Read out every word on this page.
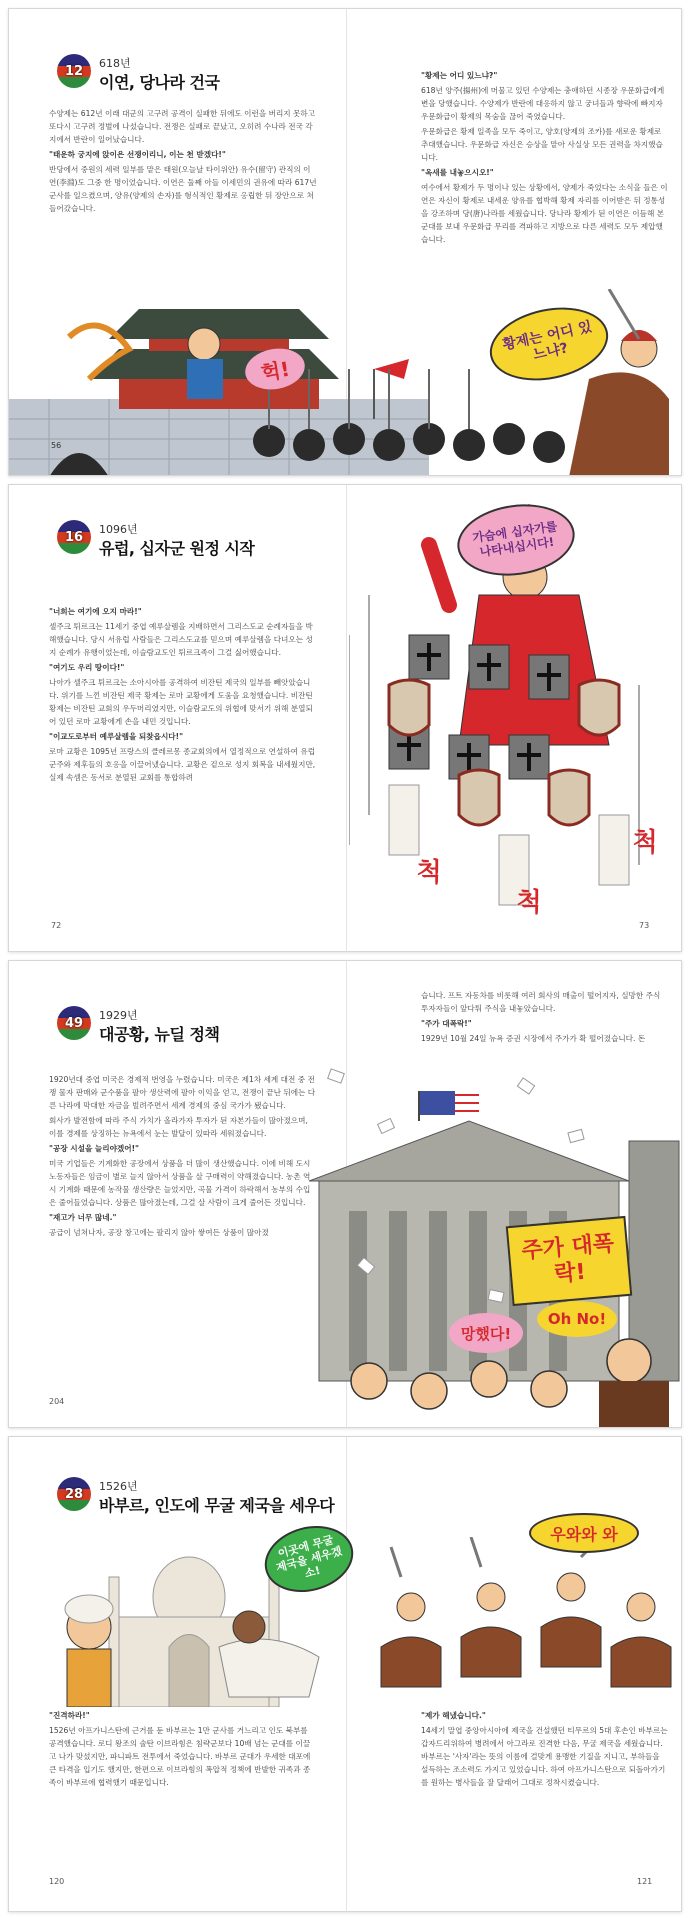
12	618년
이연, 당나라 건국

수양제는 612년 이래 대군의 고구려 공격이 실패한 뒤에도 이런을 버리지 못하고 또다시 고구려 정벌에 나섰습니다. 전쟁은 실패로 끝났고, 오히려 수나라 전국 각지에서 반란이 일어났습니다.

"태운하 궁지에 앉이은 선쟁이리니, 이는 천 받겠다!"

반당에서 중원의 세력 일부를 맡은 태원(오늘날 타이위안) 유수(留守) 관직의 이연(李淵)도 그중 한 명이었습니다. 이연은 둘째 아들 이세민의 권유에 따라 617년 군사를 일으켰으며, 양유(양제의 손자)를 형식적인 황제로 옹립한 뒤 장안으로 쳐들어갔습니다.

"황제는 어디 있느냐?"

618년 양주(揚州)에 머물고 있던 수양제는 충애하던 시종장 우문화급에게 변을 당했습니다. 수양제가 반란에 대응하지 않고 궁녀들과 향락에 빠지자 우문화급이 황제의 목숨을 끊어 죽였습니다.

우문화급은 황제 일족을 모두 죽이고, 양호(양제의 조카)를 새로운 황제로 추대했습니다. 우문화급 자신은 승상을 맡아 사실상 모든 권력을 차지했습니다.

"옥새를 내놓으시오!"

여수에서 황제가 두 명이나 있는 상황에서, 양제가 죽었다는 소식을 들은 이연은 자신이 황제로 내세운 양유를 협박해 황제 자리를 이어받은 뒤 정통성을 강조하며 당(唐)나라를 세웠습니다. 당나라 황제가 된 이연은 이듬해 본 군대를 보내 우문화급 무리를 격파하고 지방으로 다른 세력도 모두 제압했습니다.

헉!
황제는 어디 있느냐?
56
16	1096년
유럽, 십자군 원정 시작

"너희는 여기에 오지 마라!"

셀주크 튀르크는 11세기 중엽 예루살렘을 지배하면서 그리스도교 순례자들을 박해했습니다. 당시 서유럽 사람들은 그리스도교를 믿으며 예루살렘을 다녀오는 성지 순례가 유행이었는데, 이슬람교도인 튀르크족이 그걸 싫어했습니다.

"여기도 우리 땅이다!"

나아가 셀주크 튀르크는 소아시아를 공격하여 비잔틴 제국의 일부를 빼앗았습니다. 위기를 느낀 비잔틴 제국 황제는 로마 교황에게 도움을 요청했습니다. 비잔틴 황제는 비잔틴 교회의 우두머리였지만, 이슬람교도의 위협에 맞서기 위해 분열되어 있던 로마 교황에게 손을 내민 것입니다.

"이교도로부터 예루살렘을 되찾읍시다!"

로마 교황은 1095년 프랑스의 클레르몽 종교회의에서 열정적으로 연설하여 유럽 군주와 제후들의 호응을 이끌어냈습니다. 교황은 겉으로 성지 회복을 내세웠지만, 실제 속셈은 동서로 분열된 교회를 통합하려

가슴에 십자가를 나타내십시다!
척
척
척
72	73
49	1929년
대공황, 뉴딜 정책

1920년대 중엽 미국은 경제적 번영을 누렸습니다. 미국은 제1차 세계 대전 중 전쟁 물자 판매와 군수품을 팔아 생산력에 팔아 이익을 얻고, 전쟁이 끝난 뒤에는 다른 나라에 막대한 자금을 빌려주면서 세계 경제의 중심 국가가 됐습니다.

회사가 발전함에 따라 주식 가치가 올라가자 투자가 된 자본가들이 많아졌으며, 이를 경제를 상징하는 뉴욕에서 눈는 발달이 있따라 세워졌습니다.

"공장 시설을 늘리야겠어!"

미국 기업들은 기계화한 공장에서 상품을 더 많이 생산했습니다. 이에 비해 도시 노동자들은 임금이 별로 늘지 않아서 상품을 살 구매력이 약해졌습니다. 농촌 역시 기계화 때문에 농작물 생산량은 늘었지만, 곡물 가격이 하락해서 농부의 수입은 줄어들었습니다. 상품은 많아졌는데, 그걸 살 사람이 크게 줄어든 것입니다.

"재고가 너무 많네."

공급이 넘쳐나자, 공장 창고에는 팔리지 않아 쌓여든 상품이 많아졌

습니다. 프트 자동차를 비롯해 여러 회사의 매출이 떨어지자, 실망한 주식 투자자들이 앞다퉈 주식을 내놓았습니다.

"주가 대폭락!"

1929년 10월 24일 뉴욕 증권 시장에서 주가가 확 떨어졌습니다. 돈

주가 대폭락!
망했다!
Oh No!
204
28	1526년
바부르, 인도에 무굴 제국을 세우다
이곳에 무굴 제국을 세우겠소!
우와와 와

"진격하라!"

1526년 아프가니스탄에 근거를 둔 바부르는 1만 군사를 거느리고 인도 북부를 공격했습니다. 로디 왕조의 술탄 이브라힘은 침략군보다 10배 넘는 군대를 이끌고 나가 맞섰지만, 파니파트 전투에서 죽었습니다. 바부르 군대가 우세한 대포에 큰 타격을 입기도 했지만, 한편으로 이브라힘의 폭압적 정책에 반발한 귀족과 종족이 바부르에 협력했기 때문입니다.

"제가 해냈습니다."

14세기 말엽 중앙아시아에 제국을 건설했던 티무르의 5대 후손인 바부르는 갑자드리위하여 병려에서 아그라로 진격한 다음, 무굴 제국을 세웠습니다. 바부르는 '사자'라는 뜻의 이름에 걸맞게 용맹한 기질을 지니고, 부하들을 설득하는 조소력도 가지고 있었습니다. 하여 아프가니스탄으로 되돌아가기를 원하는 병사들을 잘 달래어 그대로 정착시켰습니다.

120	121
